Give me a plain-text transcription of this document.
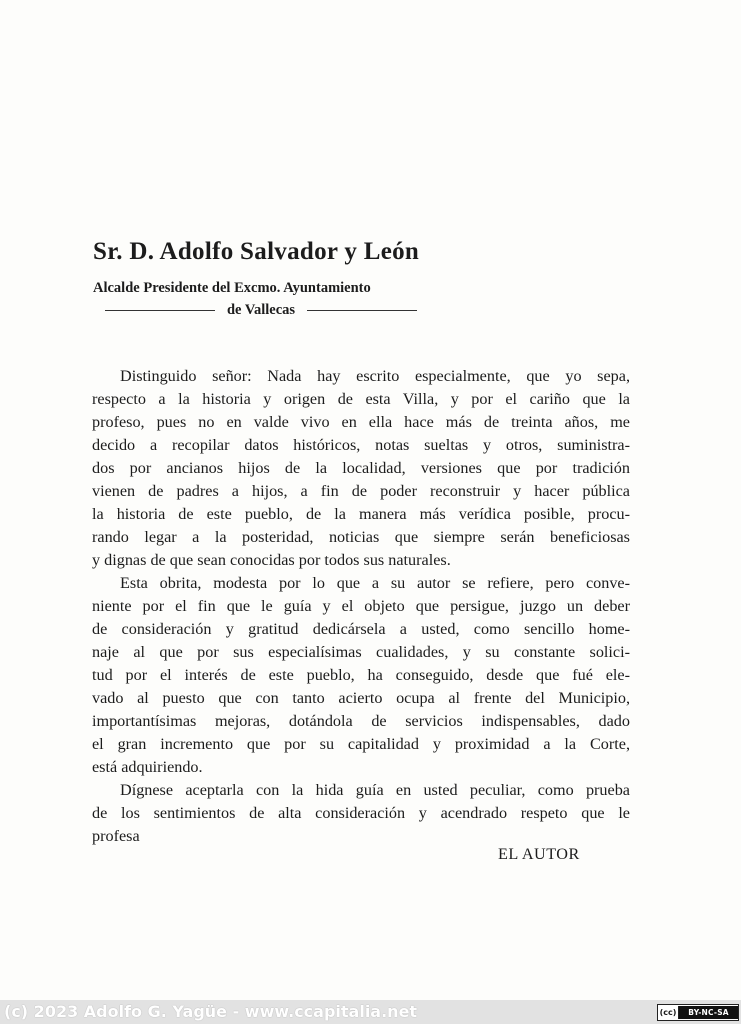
Sr. D. Adolfo Salvador y León
Alcalde Presidente del Excmo. Ayuntamiento
de Vallecas
Distinguido señor: Nada hay escrito especialmente, que yo sepa,
respecto a la historia y origen de esta Villa, y por el cariño que la
profeso, pues no en valde vivo en ella hace más de treinta años, me
decido a recopilar datos históricos, notas sueltas y otros, suministra-
dos por ancianos hijos de la localidad, versiones que por tradición
vienen de padres a hijos, a fin de poder reconstruir y hacer pública
la historia de este pueblo, de la manera más verídica posible, procu-
rando legar a la posteridad, noticias que siempre serán beneficiosas
y dignas de que sean conocidas por todos sus naturales.
Esta obrita, modesta por lo que a su autor se refiere, pero conve-
niente por el fin que le guía y el objeto que persigue, juzgo un deber
de consideración y gratitud dedicársela a usted, como sencillo home-
naje al que por sus especialísimas cualidades, y su constante solici-
tud por el interés de este pueblo, ha conseguido, desde que fué ele-
vado al puesto que con tanto acierto ocupa al frente del Municipio,
importantísimas mejoras, dotándola de servicios indispensables, dado
el gran incremento que por su capitalidad y proximidad a la Corte,
está adquiriendo.
Dígnese aceptarla con la hida guía en usted peculiar, como prueba
de los sentimientos de alta consideración y acendrado respeto que le
profesa
EL AUTOR
(c) 2023 Adolfo G. Yagüe - www.ccapitalia.net	(cc)	BY-NC-SA
